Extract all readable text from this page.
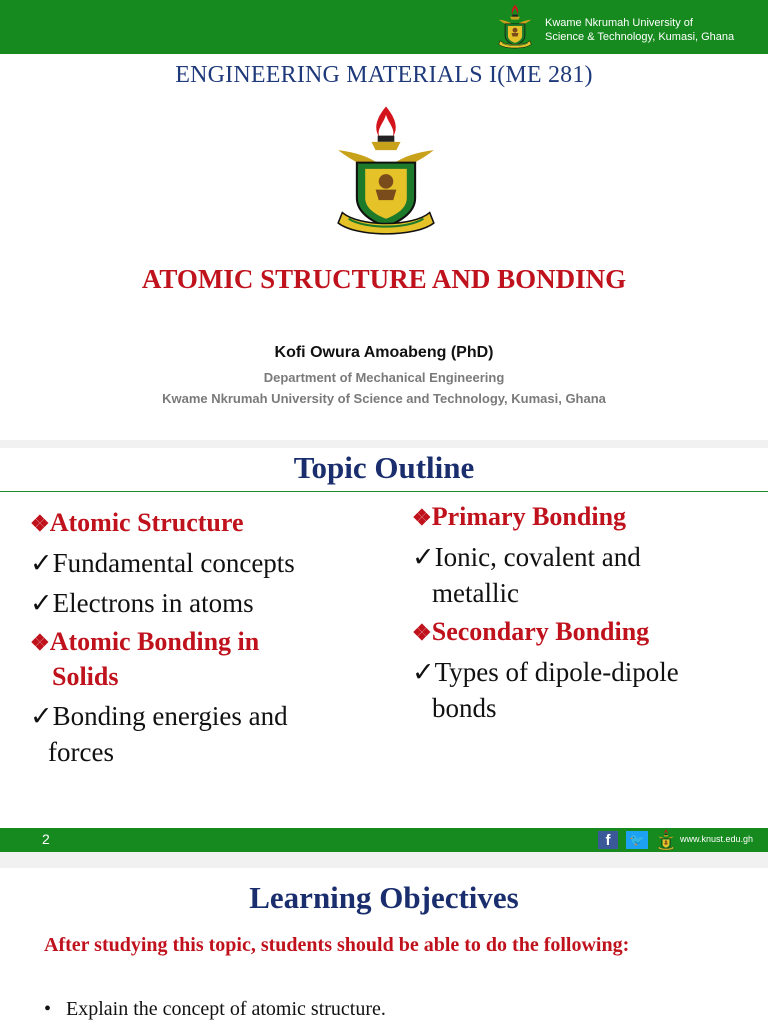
Kwame Nkrumah University of
Science & Technology, Kumasi, Ghana
ENGINEERING MATERIALS I(ME 281)
ATOMIC STRUCTURE AND BONDING
Kofi Owura Amoabeng (PhD)
Department of Mechanical Engineering
Kwame Nkrumah University of Science and Technology, Kumasi, Ghana
Topic Outline
❖Atomic Structure
✓Fundamental concepts
✓Electrons in atoms
❖Atomic Bonding in
Solids
✓Bonding energies and
forces
❖Primary Bonding
✓Ionic, covalent and
metallic
❖Secondary Bonding
✓Types of dipole-dipole
bonds
2	f	🐦	www.knust.edu.gh
Learning Objectives
After studying this topic, students should be able to do the following:
• Explain the concept of atomic structure.
